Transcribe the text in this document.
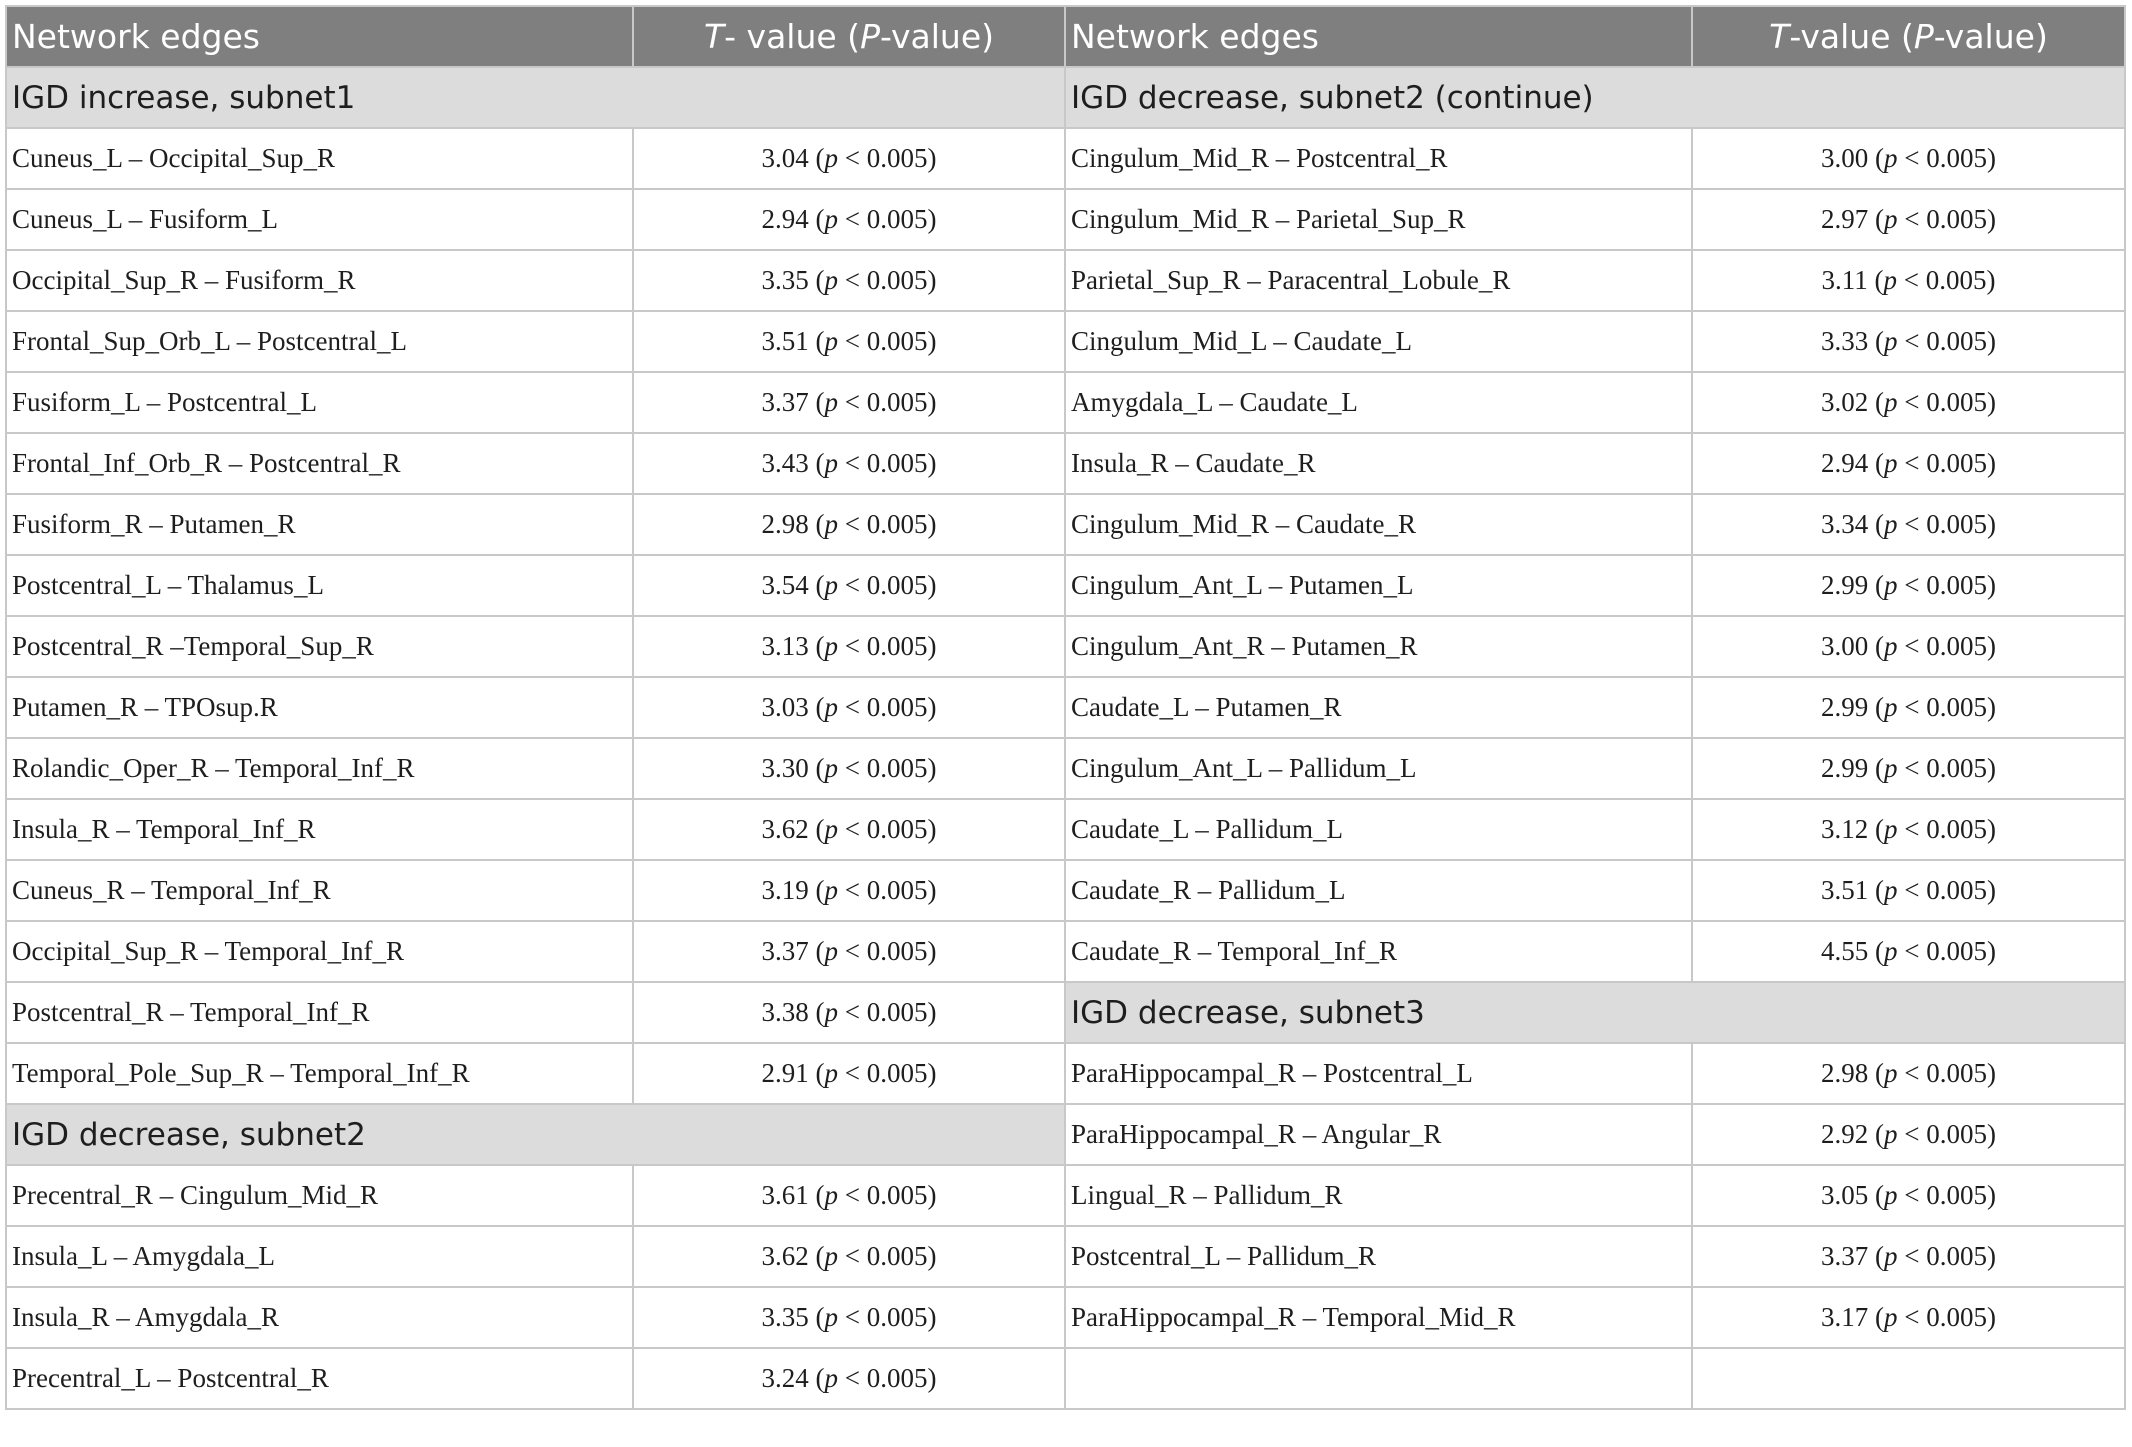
Network edges	T- value (P-value)	Network edges	T-value (P-value)
IGD increase, subnet1		IGD decrease, subnet2 (continue)	
Cuneus_L – Occipital_Sup_R	3.04 (p < 0.005)	Cingulum_Mid_R – Postcentral_R	3.00 (p < 0.005)
Cuneus_L – Fusiform_L	2.94 (p < 0.005)	Cingulum_Mid_R – Parietal_Sup_R	2.97 (p < 0.005)
Occipital_Sup_R – Fusiform_R	3.35 (p < 0.005)	Parietal_Sup_R – Paracentral_Lobule_R	3.11 (p < 0.005)
Frontal_Sup_Orb_L – Postcentral_L	3.51 (p < 0.005)	Cingulum_Mid_L – Caudate_L	3.33 (p < 0.005)
Fusiform_L – Postcentral_L	3.37 (p < 0.005)	Amygdala_L – Caudate_L	3.02 (p < 0.005)
Frontal_Inf_Orb_R – Postcentral_R	3.43 (p < 0.005)	Insula_R – Caudate_R	2.94 (p < 0.005)
Fusiform_R – Putamen_R	2.98 (p < 0.005)	Cingulum_Mid_R – Caudate_R	3.34 (p < 0.005)
Postcentral_L – Thalamus_L	3.54 (p < 0.005)	Cingulum_Ant_L – Putamen_L	2.99 (p < 0.005)
Postcentral_R –Temporal_Sup_R	3.13 (p < 0.005)	Cingulum_Ant_R – Putamen_R	3.00 (p < 0.005)
Putamen_R – TPOsup.R	3.03 (p < 0.005)	Caudate_L – Putamen_R	2.99 (p < 0.005)
Rolandic_Oper_R – Temporal_Inf_R	3.30 (p < 0.005)	Cingulum_Ant_L – Pallidum_L	2.99 (p < 0.005)
Insula_R – Temporal_Inf_R	3.62 (p < 0.005)	Caudate_L – Pallidum_L	3.12 (p < 0.005)
Cuneus_R – Temporal_Inf_R	3.19 (p < 0.005)	Caudate_R – Pallidum_L	3.51 (p < 0.005)
Occipital_Sup_R – Temporal_Inf_R	3.37 (p < 0.005)	Caudate_R – Temporal_Inf_R	4.55 (p < 0.005)
Postcentral_R – Temporal_Inf_R	3.38 (p < 0.005)	IGD decrease, subnet3	
Temporal_Pole_Sup_R – Temporal_Inf_R	2.91 (p < 0.005)	ParaHippocampal_R – Postcentral_L	2.98 (p < 0.005)
IGD decrease, subnet2		ParaHippocampal_R – Angular_R	2.92 (p < 0.005)
Precentral_R – Cingulum_Mid_R	3.61 (p < 0.005)	Lingual_R – Pallidum_R	3.05 (p < 0.005)
Insula_L – Amygdala_L	3.62 (p < 0.005)	Postcentral_L – Pallidum_R	3.37 (p < 0.005)
Insula_R – Amygdala_R	3.35 (p < 0.005)	ParaHippocampal_R – Temporal_Mid_R	3.17 (p < 0.005)
Precentral_L – Postcentral_R	3.24 (p < 0.005)		
